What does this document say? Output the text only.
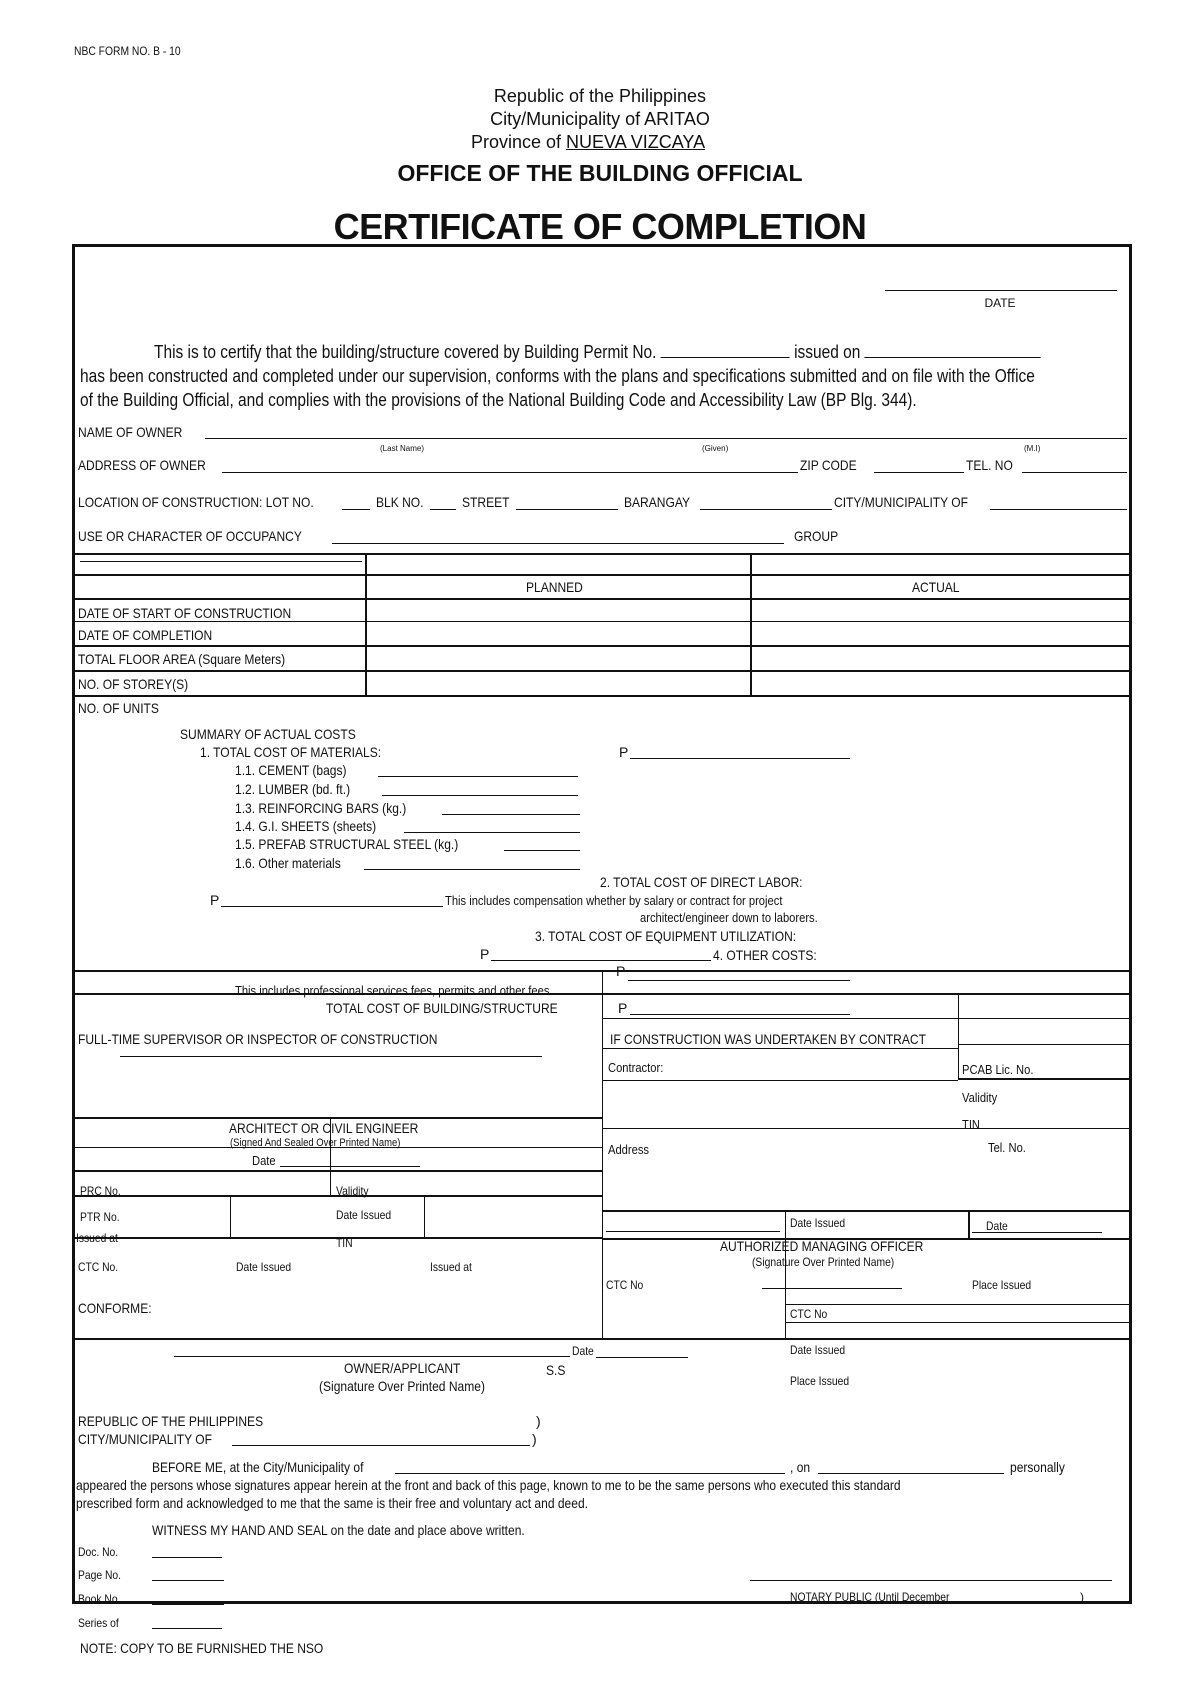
NBC FORM NO. B - 10
Republic of the Philippines
City/Municipality of ARITAO
Province of NUEVA VIZCAYA
OFFICE OF THE BUILDING OFFICIAL
CERTIFICATE OF COMPLETION
DATE
This is to certify that the building/structure covered by Building Permit No.	issued on
has been constructed and completed under our supervision, conforms with the plans and specifications submitted and on file with the Office
of the Building Official, and complies with the provisions of the National Building Code and Accessibility Law (BP Blg. 344).
NAME OF OWNER
(Last Name)	(Given)	(M.I)
ADDRESS OF OWNER	ZIP CODE	TEL. NO
LOCATION OF CONSTRUCTION: LOT NO.	BLK NO.	STREET	BARANGAY	CITY/MUNICIPALITY OF
USE OR CHARACTER OF OCCUPANCY	GROUP
PLANNED	ACTUAL
DATE OF START OF CONSTRUCTION
DATE OF COMPLETION
TOTAL FLOOR AREA (Square Meters)
NO. OF STOREY(S)
NO. OF UNITS
SUMMARY OF ACTUAL COSTS
1. TOTAL COST OF MATERIALS:	P
1.1. CEMENT (bags)
1.2. LUMBER (bd. ft.)
1.3. REINFORCING BARS (kg.)
1.4. G.I. SHEETS (sheets)
1.5. PREFAB STRUCTURAL STEEL (kg.)
1.6. Other materials
2. TOTAL COST OF DIRECT LABOR:
P	This includes compensation whether by salary or contract for project
architect/engineer down to laborers.
3. TOTAL COST OF EQUIPMENT UTILIZATION:
P	4. OTHER COSTS:
P
This includes professional services fees, permits and other fees
TOTAL COST OF BUILDING/STRUCTURE	P
FULL-TIME SUPERVISOR OR INSPECTOR OF CONSTRUCTION	IF CONSTRUCTION WAS UNDERTAKEN BY CONTRACT
Contractor:	PCAB Lic. No.
Validity
TIN
Address	Tel. No.
ARCHITECT OR CIVIL ENGINEER
(Signed And Sealed Over Printed Name)
Date
PRC No.	Validity
PTR No.	Date Issued
Issued at	TIN
CTC No.	Date Issued	Issued at
CONFORME:
Date Issued	Date
AUTHORIZED MANAGING OFFICER
(Signature Over Printed Name)
CTC No	Place Issued
CTC No
Date Issued
Place Issued
Date
OWNER/APPLICANT	S.S
(Signature Over Printed Name)
REPUBLIC OF THE PHILIPPINES	)
CITY/MUNICIPALITY OF	)
BEFORE ME, at the City/Municipality of	, on	personally
appeared the persons whose signatures appear herein at the front and back of this page, known to me to be the same persons who executed this standard
prescribed form and acknowledged to me that the same is their free and voluntary act and deed.
WITNESS MY HAND AND SEAL on the date and place above written.
Doc. No.
Page No.
Book No.
Series of
NOTARY PUBLIC (Until December	)
NOTE: COPY TO BE FURNISHED THE NSO
